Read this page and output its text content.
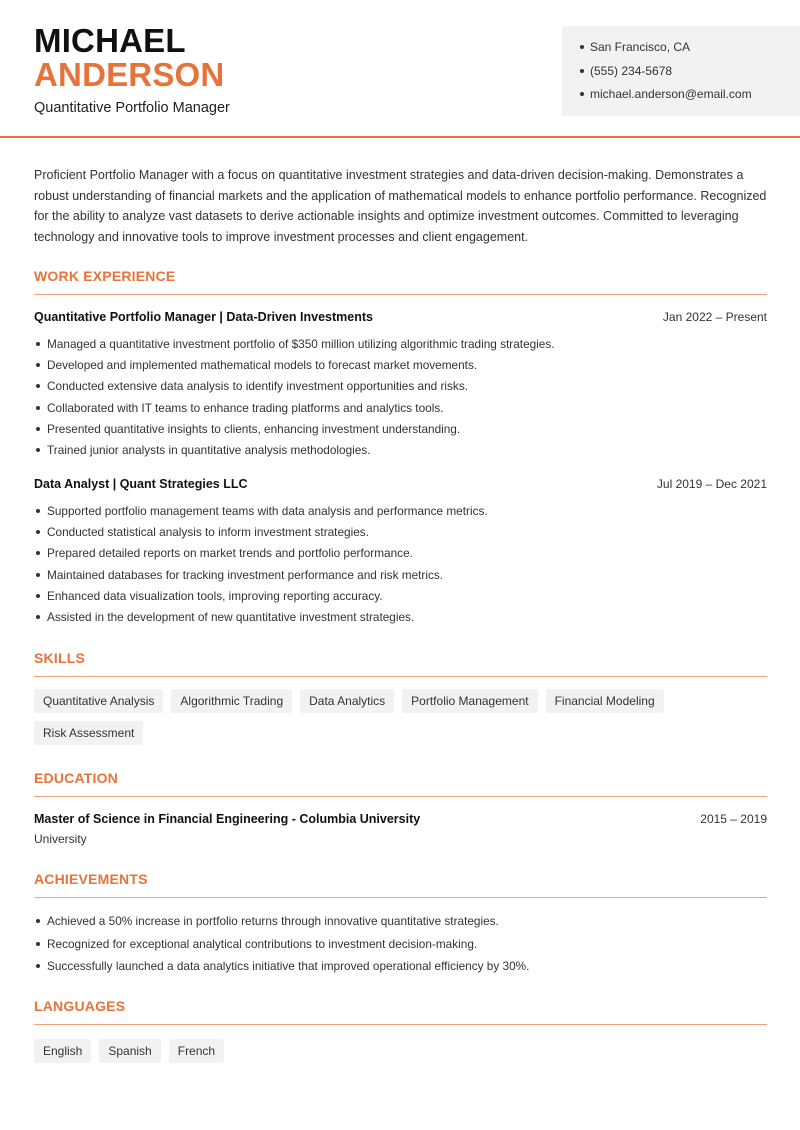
MICHAEL
ANDERSON
Quantitative Portfolio Manager
San Francisco, CA
(555) 234-5678
michael.anderson@email.com
Proficient Portfolio Manager with a focus on quantitative investment strategies and data-driven decision-making. Demonstrates a robust understanding of financial markets and the application of mathematical models to enhance portfolio performance. Recognized for the ability to analyze vast datasets to derive actionable insights and optimize investment outcomes. Committed to leveraging technology and innovative tools to improve investment processes and client engagement.
WORK EXPERIENCE
Quantitative Portfolio Manager | Data-Driven Investments	Jan 2022 – Present
Managed a quantitative investment portfolio of $350 million utilizing algorithmic trading strategies.
Developed and implemented mathematical models to forecast market movements.
Conducted extensive data analysis to identify investment opportunities and risks.
Collaborated with IT teams to enhance trading platforms and analytics tools.
Presented quantitative insights to clients, enhancing investment understanding.
Trained junior analysts in quantitative analysis methodologies.
Data Analyst | Quant Strategies LLC	Jul 2019 – Dec 2021
Supported portfolio management teams with data analysis and performance metrics.
Conducted statistical analysis to inform investment strategies.
Prepared detailed reports on market trends and portfolio performance.
Maintained databases for tracking investment performance and risk metrics.
Enhanced data visualization tools, improving reporting accuracy.
Assisted in the development of new quantitative investment strategies.
SKILLS
Quantitative Analysis	Algorithmic Trading	Data Analytics	Portfolio Management	Financial Modeling
Risk Assessment
EDUCATION
Master of Science in Financial Engineering - Columbia University	2015 – 2019
University
ACHIEVEMENTS
Achieved a 50% increase in portfolio returns through innovative quantitative strategies.
Recognized for exceptional analytical contributions to investment decision-making.
Successfully launched a data analytics initiative that improved operational efficiency by 30%.
LANGUAGES
English	Spanish	French
